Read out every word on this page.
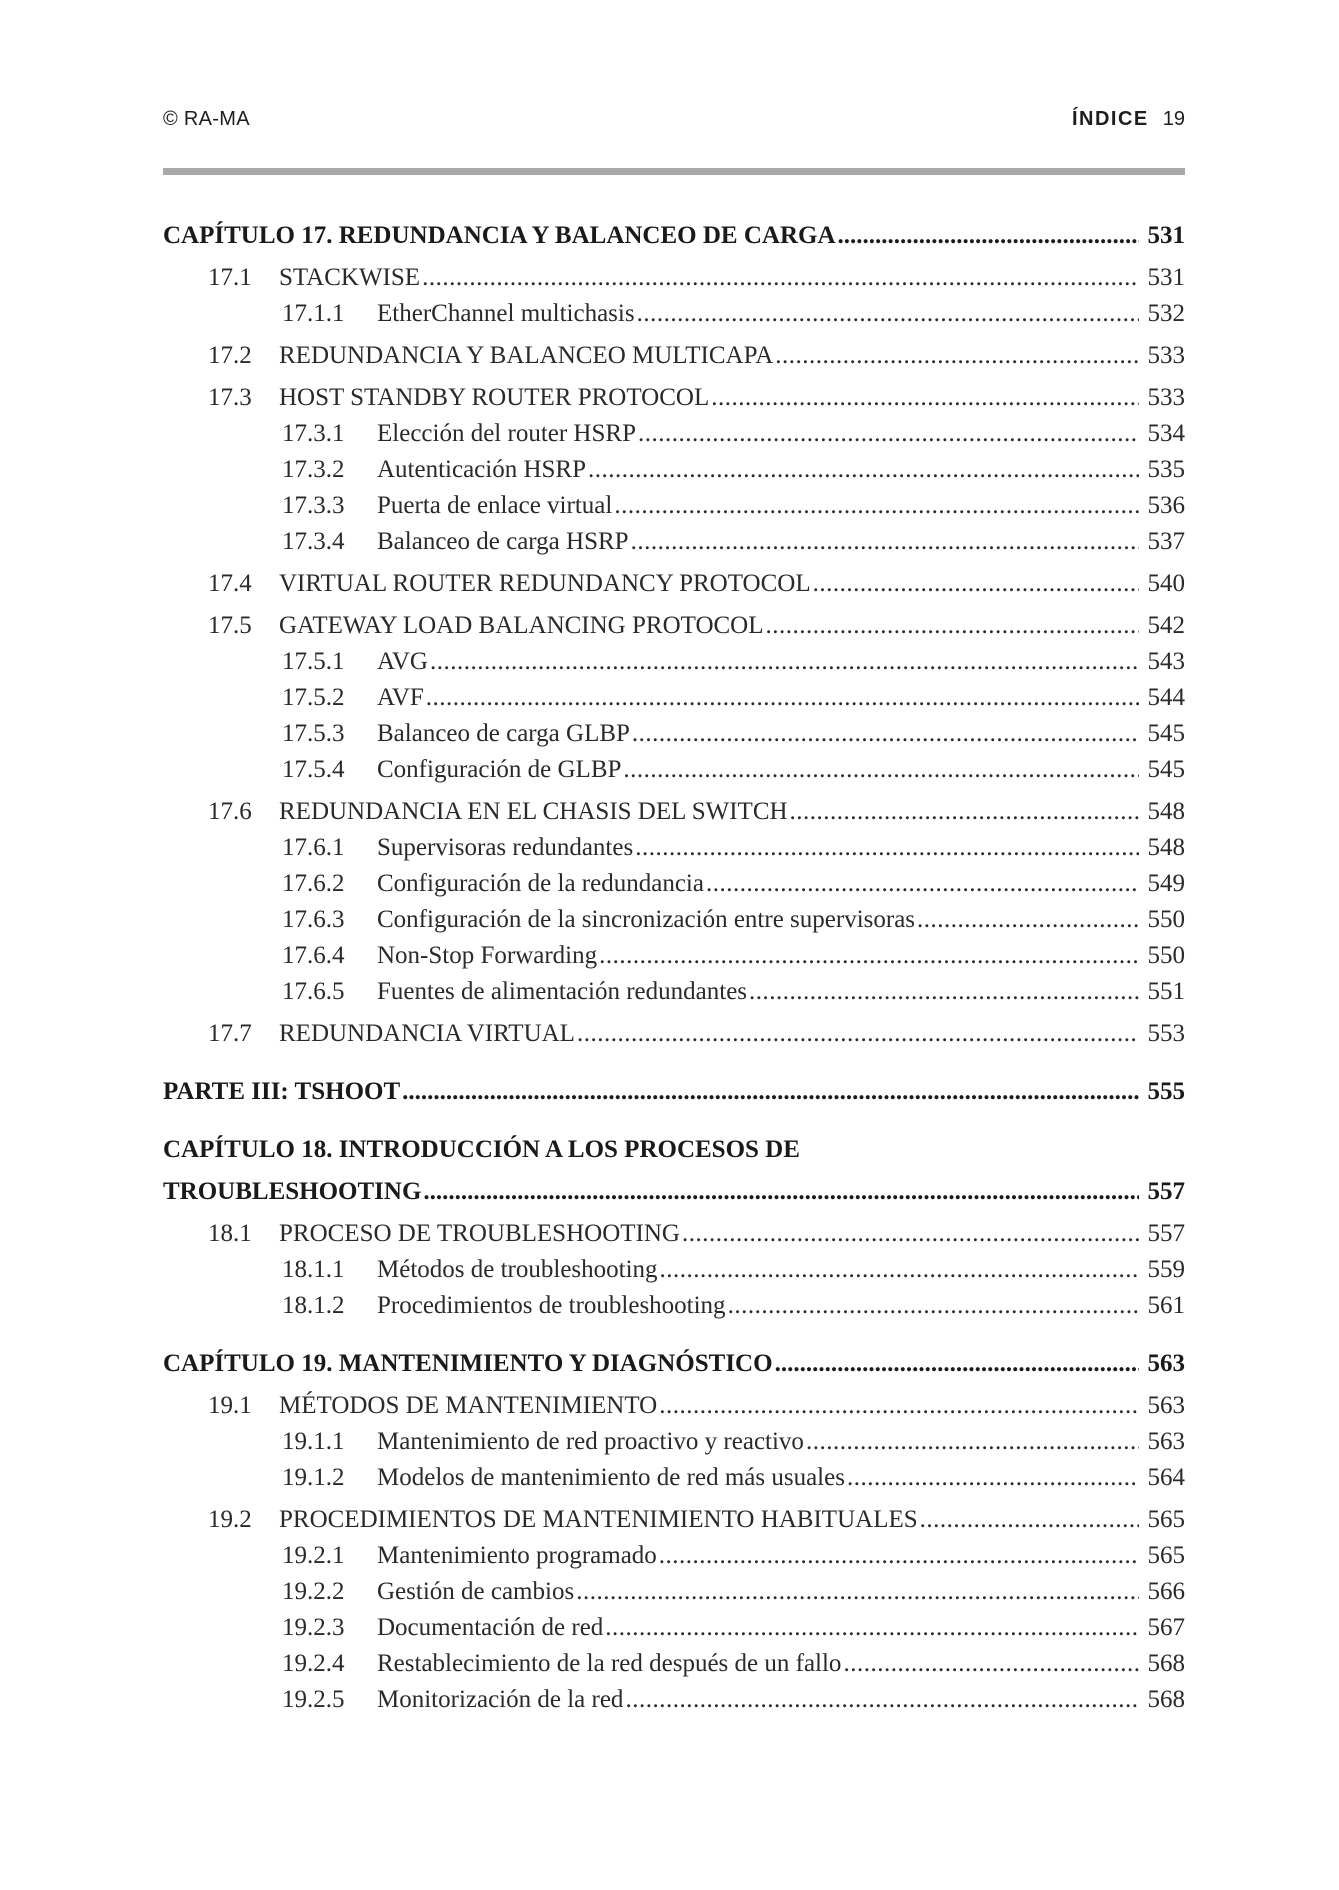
© RA-MA	ÍNDICE 19
CAPÍTULO 17. REDUNDANCIA Y BALANCEO DE CARGA .....	531
17.1	STACKWISE .....	531
17.1.1	EtherChannel multichasis .....	532
17.2	REDUNDANCIA Y BALANCEO MULTICAPA .....	533
17.3	HOST STANDBY ROUTER PROTOCOL .....	533
17.3.1	Elección del router HSRP .....	534
17.3.2	Autenticación HSRP .....	535
17.3.3	Puerta de enlace virtual .....	536
17.3.4	Balanceo de carga HSRP .....	537
17.4	VIRTUAL ROUTER REDUNDANCY PROTOCOL .....	540
17.5	GATEWAY LOAD BALANCING PROTOCOL .....	542
17.5.1	AVG .....	543
17.5.2	AVF .....	544
17.5.3	Balanceo de carga GLBP .....	545
17.5.4	Configuración de GLBP .....	545
17.6	REDUNDANCIA EN EL CHASIS DEL SWITCH .....	548
17.6.1	Supervisoras redundantes .....	548
17.6.2	Configuración de la redundancia .....	549
17.6.3	Configuración de la sincronización entre supervisoras .....	550
17.6.4	Non-Stop Forwarding .....	550
17.6.5	Fuentes de alimentación redundantes .....	551
17.7	REDUNDANCIA VIRTUAL .....	553
PARTE III: TSHOOT .....	555
CAPÍTULO 18. INTRODUCCIÓN A LOS PROCESOS DE
TROUBLESHOOTING .....	557
18.1	PROCESO DE TROUBLESHOOTING .....	557
18.1.1	Métodos de troubleshooting .....	559
18.1.2	Procedimientos de troubleshooting .....	561
CAPÍTULO 19. MANTENIMIENTO Y DIAGNÓSTICO .....	563
19.1	MÉTODOS DE MANTENIMIENTO .....	563
19.1.1	Mantenimiento de red proactivo y reactivo .....	563
19.1.2	Modelos de mantenimiento de red más usuales .....	564
19.2	PROCEDIMIENTOS DE MANTENIMIENTO HABITUALES .....	565
19.2.1	Mantenimiento programado .....	565
19.2.2	Gestión de cambios .....	566
19.2.3	Documentación de red .....	567
19.2.4	Restablecimiento de la red después de un fallo .....	568
19.2.5	Monitorización de la red .....	568
